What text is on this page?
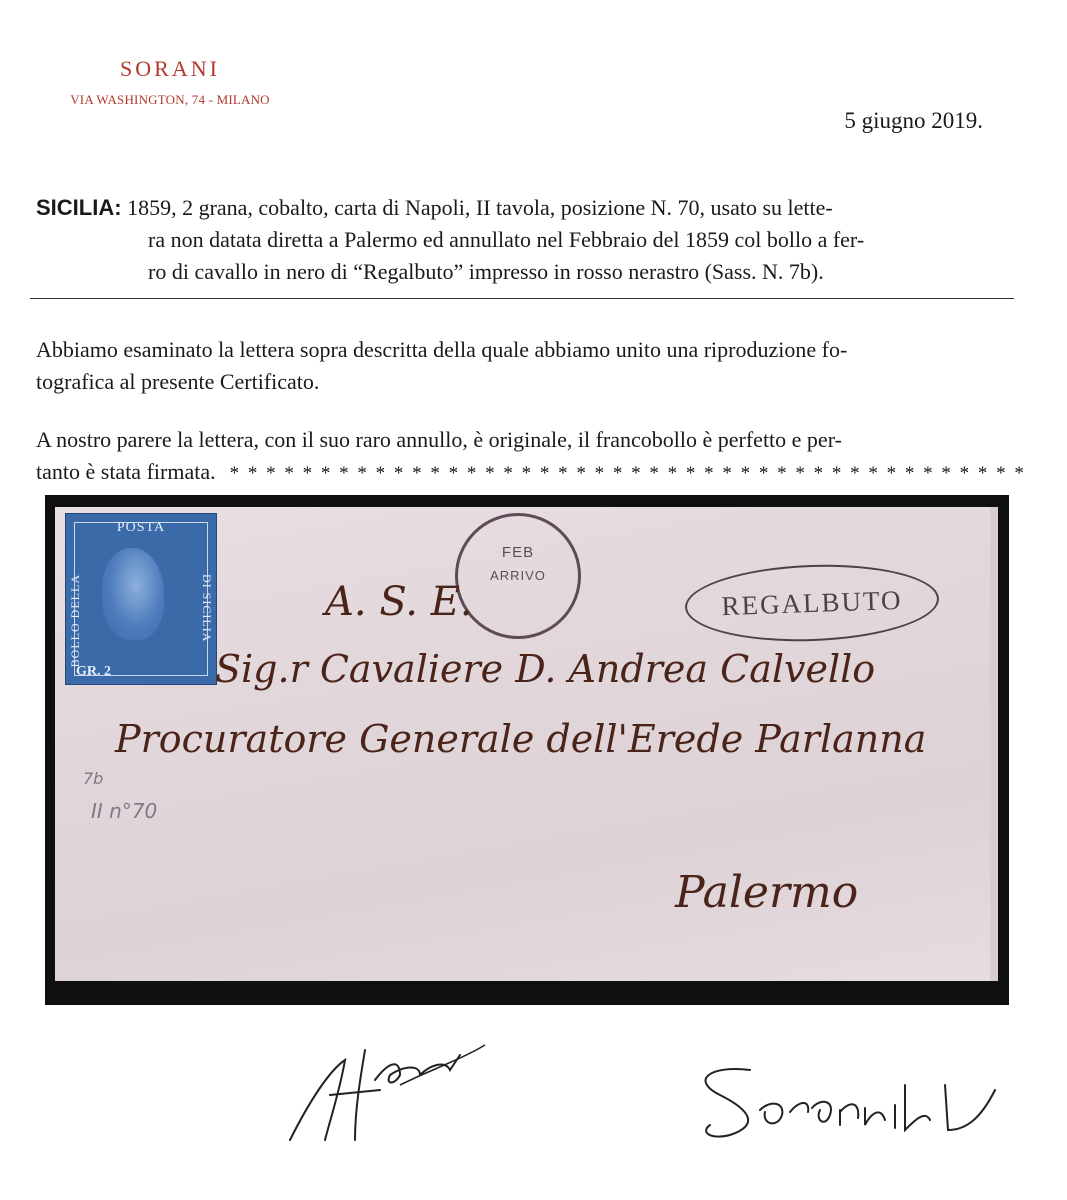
SORANI
VIA WASHINGTON, 74 - MILANO
5 giugno 2019.
SICILIA: 1859, 2 grana, cobalto, carta di Napoli, II tavola, posizione N. 70, usato su lette-
ra non datata diretta a Palermo ed annullato nel Febbraio del 1859 col bollo a fer-
ro di cavallo in nero di “Regalbuto” impresso in rosso nerastro (Sass. N. 7b).
Abbiamo esaminato la lettera sopra descritta della quale abbiamo unito una riproduzione fo-
tografica al presente Certificato.
A nostro parere la lettera, con il suo raro annullo, è originale, il francobollo è perfetto e per-
tanto è stata firmata. * * * * * * * * * * * * * * * * * * * * * * * * * * * * * * * * * * * * * * * * * * * *
POSTA
BOLLO DELLA	DI SICILIA
GR. 2
FEB
ARRIVO
REGALBUTO
A. S. E.
Sig.r Cavaliere D. Andrea Calvello
Procuratore Generale dell'Erede Parlanna
Palermo
7b
II n°70
